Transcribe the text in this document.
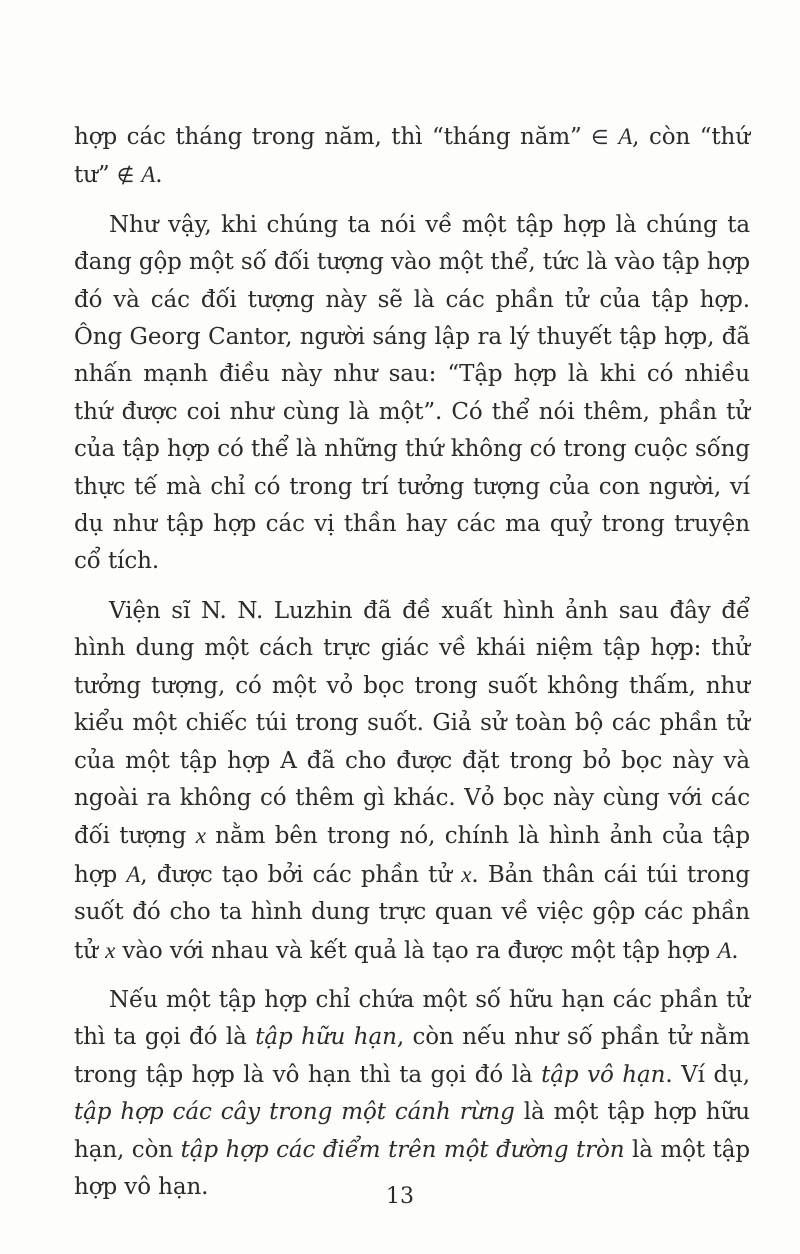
hợp các tháng trong năm, thì “tháng năm” ∈ A, còn “thứ tư” ∉ A.

Như vậy, khi chúng ta nói về một tập hợp là chúng ta đang gộp một số đối tượng vào một thể, tức là vào tập hợp đó và các đối tượng này sẽ là các phần tử của tập hợp. Ông Georg Cantor, người sáng lập ra lý thuyết tập hợp, đã nhấn mạnh điều này như sau: “Tập hợp là khi có nhiều thứ được coi như cùng là một”. Có thể nói thêm, phần tử của tập hợp có thể là những thứ không có trong cuộc sống thực tế mà chỉ có trong trí tưởng tượng của con người, ví dụ như tập hợp các vị thần hay các ma quỷ trong truyện cổ tích.

Viện sĩ N. N. Luzhin đã đề xuất hình ảnh sau đây để hình dung một cách trực giác về khái niệm tập hợp: thử tưởng tượng, có một vỏ bọc trong suốt không thấm, như kiểu một chiếc túi trong suốt. Giả sử toàn bộ các phần tử của một tập hợp A đã cho được đặt trong bỏ bọc này và ngoài ra không có thêm gì khác. Vỏ bọc này cùng với các đối tượng x nằm bên trong nó, chính là hình ảnh của tập hợp A, được tạo bởi các phần tử x. Bản thân cái túi trong suốt đó cho ta hình dung trực quan về việc gộp các phần tử x vào với nhau và kết quả là tạo ra được một tập hợp A.

Nếu một tập hợp chỉ chứa một số hữu hạn các phần tử thì ta gọi đó là tập hữu hạn, còn nếu như số phần tử nằm trong tập hợp là vô hạn thì ta gọi đó là tập vô hạn. Ví dụ, tập hợp các cây trong một cánh rừng là một tập hợp hữu hạn, còn tập hợp các điểm trên một đường tròn là một tập hợp vô hạn.	13
